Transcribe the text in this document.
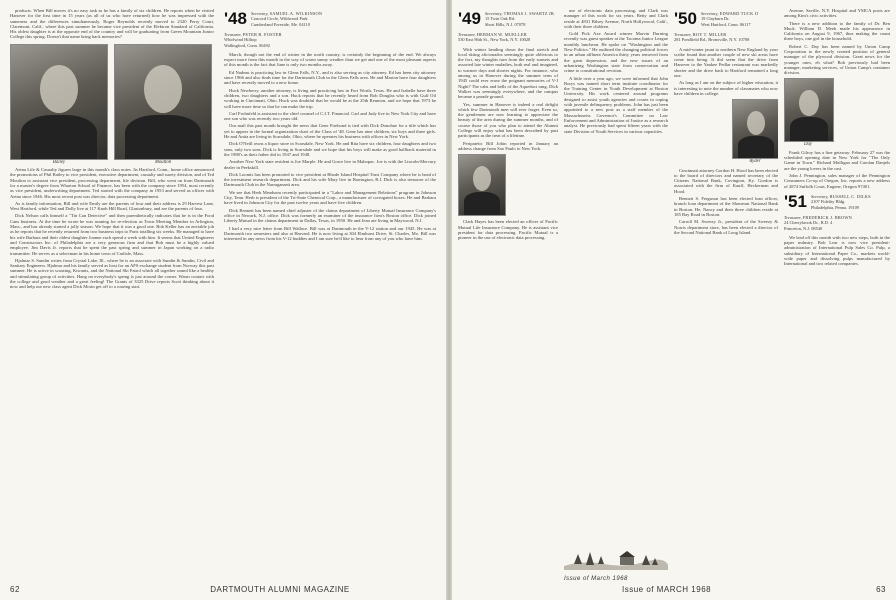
products. When Bill moves it's no easy task as he has a family of six children. He reports when he visited Hanover for the first time in 15 years (as all of us who have returned) how he was impressed with the sameness and the differences simultaneously. Roger Reynolds recently moved to 2320 Perry Court, Claremont, Calif., where this past summer he became vice president of the Elektron Standard of California. His oldest daughter is at the opposite end of the country and will be graduating from Green Mountain Junior College this spring. Doesn't that name bring back memories?

Bailey	Moulton

Aetna Life & Casualty figures large in this month's class notes. Its Hartford, Conn., home office announced the promotions of Phil Bailey to vice president, executive department, casualty and surety division, and of Ted Moulton to assistant vice president, processing department, life division. Bill, who went on from Dartmouth for a master's degree from Wharton School of Finance, has been with the company since 1954, most recently as vice president, underwriting department. Ted started with the company in 1953 and served as officer with Aetna since 1946. His most recent post was director, data processing department.

As is family information, Bill and wife Emily are the parents of four and their address is 29 Harvest Lane, West Hartford, while Ted and Dolly live at 117 Knob Hill Road, Glastonbury, and are the parents of four.

Dick Nelson calls himself a "Tin Can Detective" and then parenthetically indicates that he is in the Food Cans business. At the time he wrote he was running for re-election as Town Meeting Member in Arlington, Mass., and has already started a jolly season. We hope that it was a good one. Bob Keller has an enviable job as he reports that he recently returned from two business trips to Paris totalling six weeks. He managed to have his wife Barbara and their oldest daughter Joanne each spend a week with him. It seems that United Engineers and Constructors Inc. of Philadelphia are a very generous firm and that Bob must be a highly valued employee. Jim Davis Jr. reports that he spent the past spring and summer in Japan working on a radio transmitter. He serves as a selectman in his home town of Carlisle, Mass.

Hjalmar S. Sundin writes from Crystal Lake, Ill., where he is an associate with Sundin & Sundin, Civil and Sanitary Engineers. Hjalmar and his family served as host for an AFS exchange student from Norway this past summer. He is active in scouting, Kiwanis, and the National Ski Patrol which all together sound like a healthy and stimulating group of activities. Hang on everybody's spring is just around the corner. Warm contact with the college and good weather and a great feeling! The Grants of 3325 Drive reports Scott thinking about it now and help our new class agent Dick Morin get off to a roaring start.

'48 Secretary, SAMUEL A. WILKINSON
Concord Circle, Wildwood Park
Cumberland Foreside, Me. 04110
Treasurer, PETER R. FOSTER
Whirlwind Hilltop
Wallingford, Conn. 06492

March, though not the end of winter in the north country, is certainly the beginning of the end. We always expect more from this month in the way of warm sunny weather than we get and one of the most pleasant aspects of this month is the fact that June is only two months away.

Ed Nadeau is practicing law in Glens Falls, N.Y., and is also serving as city attorney. Ed has been city attorney since 1966 and also finds time for the Dartmouth Club in the Glens Falls area. He and Marion have four daughters and have recently moved to a new home.

Huck Newberry, another attorney, is living and practicing law in Fort Worth, Texas. He and Isabelle have three children, two daughters and a son. Huck reports that he recently heard from Bob Douglas who is with Gulf Oil working in Cincinnati, Ohio. Huck was doubtful that he would be at the 25th Reunion, and we hope that 1973 he will have more time so that he can make the trip.

Carl Frohnfeld is assistant to the chief counsel of C.I.T. Financial. Carl and Judy live in New York City and have one son who was recently two years old.

Our mail this past month brought the news that Gene Firebond is tied with Dick Donohue for a title which has yet to appear in the formal organization chart of the Class of '48. Gene has nine children, six boys and three girls. He and Anita are living in Scarsdale, Ohio, where he operates his business with offices in New York.

Dick O'Neill owns a liquor store in Scarsdale, New York. He and Rita have six children, four daughters and two sons, only two sons. Dick is living in Scarsdale and we hope that his boys will make as good halfback material in the 1980's as their father did in 1947 and 1948.

Another New York state resident is Joe Marple. He and Grace live in Mahopac. Joe is with the Lincoln-Mercury dealer in Peekskill.

Dick Loomis has been promoted to vice president at Rhode Island Hospital Trust Company where he is head of the investment research department. Dick and his wife Mary live in Barrington, R.I. Dick is also treasurer of the Dartmouth Club in the Narragansett area.

We see that Herb Meadsom recently participated in a "Labor and Management Relations" program in Johnson City, Tenn. Herb is president of the Tri-State Chemical Corp., a manufacturer of corrugated boxes. He and Barbara have lived in Johnson City for the past twelve years and have five children.

Dick Bennett has been named chief adjuster of the claims department of Liberty Mutual Insurance Company's office in Newark, N.J. office. Dick was formerly an examiner of the insurance firm's Boston office. Dick joined Liberty Mutual in the claims department in Dallas, Texas, in 1950. He and Jean are living in Maywood, N.J.

I had a very nice letter from Bill Wallace. Bill was at Dartmouth in the V-12 station and our 1945. He was at Dartmouth two semesters and also at Harvard. He is now living at 304 Elmhurst Drive, St. Charles, Mo. Bill was interested in any news from his V-12 buddies and I am sure he'd like to hear from any of you who have him.

62	DARTMOUTH ALUMNI MAGAZINE
'49 Secretary, THOMAS J. SWARTZ JR.
15 Twin Oak Rd.
Short Hills, N.J. 07078
Treasurer, HERMAN W. MUELLER
530 East 86th St., New York, N.Y. 10028

With winter heading down the final stretch and local skiing aficionados seemingly quite oblivious to the fact, my thoughts turn from the early sunsets and assorted late winter maladies, both real and imagined, to warmer days and shorter nights. For instance, who among us in Hanover during the summer term of 1945 could ever erase the poignant memories of V-J Night? The cabs and bells of the Aqueduct rang, Dick Walker was seemingly everywhere, and the campus became a parade ground.

Yes, summer in Hanover is indeed a real delight which few Dartmouth men will ever forget. Even so, the gentlemen are now learning to appreciate the beauty of the area during the summer months, and of course those of you who plan to attend the Alumni College will enjoy what has been described by past participants as the treat of a lifetime.

Peripatetic Bill Jobin reported in January an address change from Sao Paulo to New York.

Clark Hayes has been elected an officer of Pacific Mutual Life Insurance Company. He is assistant vice president for data processing. Pacific Mutual is a pioneer in the use of electronic data processing.

use of electronic data processing, and Clark was manager of this work for six years. Betty and Clark reside at 4831 Bilsey Avenue, North Hollywood, Calif., with their three children.

Gold Pick Axe Award winner Marvin Durning recently was guest speaker at the Tacoma Junior League monthly luncheon. He spoke on "Washington and the New Politics." He outlined the changing political forces in an urban affluent America thirty years removed from the great depression, and the new issues of an urbanizing Washington state from conservation and crime to constitutional revision.

A little over a year ago, we were informed that John Borys was named short term institute coordinator for the Training Center in Youth Development at Boston University. His work centered around programs designed to assist youth agencies and courts in coping with juvenile delinquency problems. John has just been appointed to a new post as a staff member of the Massachusetts Governor's Committee on Law Enforcement and Administration of Justice as a research analyst. He previously had spent fifteen years with the state Division of Youth Services in various capacities.

'50 Secretary, EDWARD TUCK II
19 Clayburn Dr.
West Hartford, Conn. 06117
Treasurer, ROY T. MILLER
281 Pondfield Rd., Bronxville, N.Y. 10708

A mid-winter jaunt to northern New England by your scribe found that another couple of new ski areas have come into being. It did seem that the drive from Hanover to the Yankee Pedlar restaurant was markedly shorter and the drive back to Hartford remained a long one.

As long as I am on the subject of higher education, it is interesting to note the number of classmates who now have children in college.

Ryder

Cincinnati attorney Gordon H. Hood has been elected to the board of directors and named secretary of the Citizens National Bank, Covington, Ky. Gordon is associated with the firm of Kauff, Heckerman and Hood.

Bennett S. Ferguson has been elected loan officer, branch loan department of the Shawmut National Bank in Boston. He, Nancy and their three children reside at 185 Bay Road in Boston.

Carroll M. Sweezy Jr., president of the Sweezy & Norris department store, has been elected a director of the Second National Bank of Long Island.

Avenue, Saville, N.Y. Hospital and YMCA posts are among Kim's civic activities.

There is a new addition to the family of Dr. Ben Muck. William D. Meek made his appearance in California on August 9, 1967, thus making the count three boys, one girl in the household.

Robert C. Day has been named by Union Camp Corporation to the newly created position of general manager of the plywood division. Great news for the younger ones, eh what? Bob previously had been manager, marketing services, of Union Camp's container division.

Day

Frank Gilroy has a fine getaway: February 27 was the scheduled opening date in New York for "The Only Game in Town." Richard Mulligan and Carolan Danjels are the young lovers in the cast.

John J. Pennington, sales manager of the Pennington Consumers Co-op of Oregon, Inc. reports a new address of 2874 Suffolk Court, Eugene, Oregon 97401.

'51 Secretary, RUSSELL C. DILKS
2107 Fidelity Bldg.
Philadelphia, Penna. 19109
Treasurer, FREDERICK J. BROWN
24 Cherrybrook Dr., R.D. 4
Princeton, N.J. 08540

We lead off this month with two new steps, both in the paper industry. Bob Lear is now vice president-administration of International Pulp Sales Co. Pulp, a subsidiary of International Paper Co., markets world-wide paper and dissolving pulps manufactured by International and two related companies.

Issue of March 1968
Issue of MARCH 1968	63
